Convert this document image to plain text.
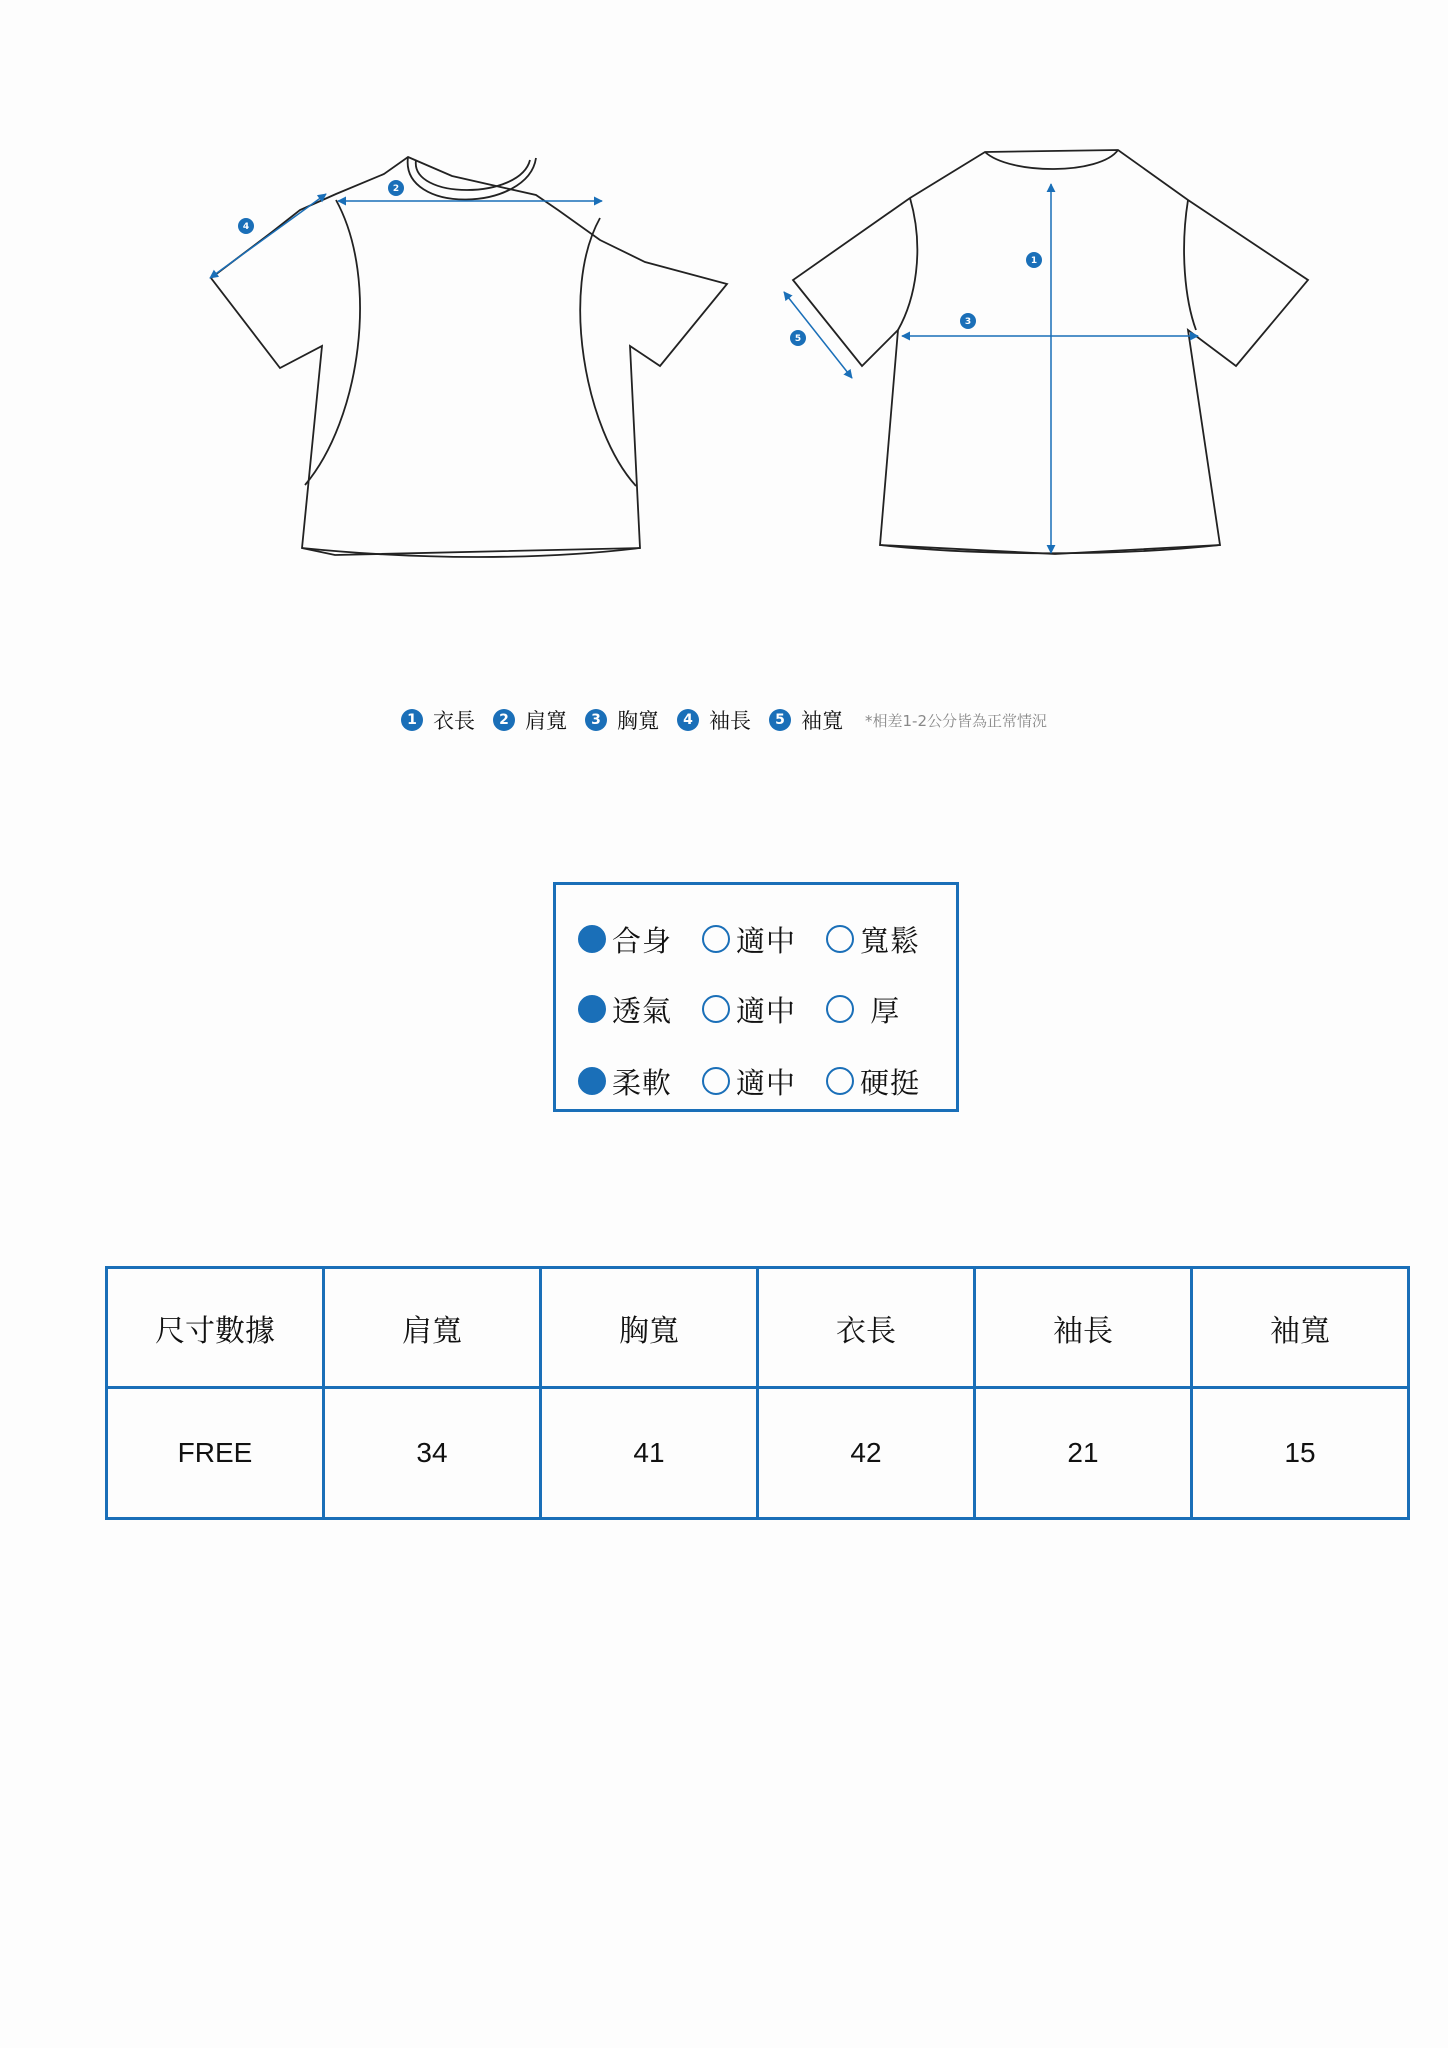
2
4
1
3
5
1 衣長	2 肩寬	3 胸寬	4 袖長	5 袖寬 *相差1-2公分皆為正常情況
合身 適中 寬鬆
透氣 適中 厚
柔軟 適中 硬挺
尺寸數據	肩寬	胸寬	衣長	袖長	袖寬
FREE	34	41	42	21	15
